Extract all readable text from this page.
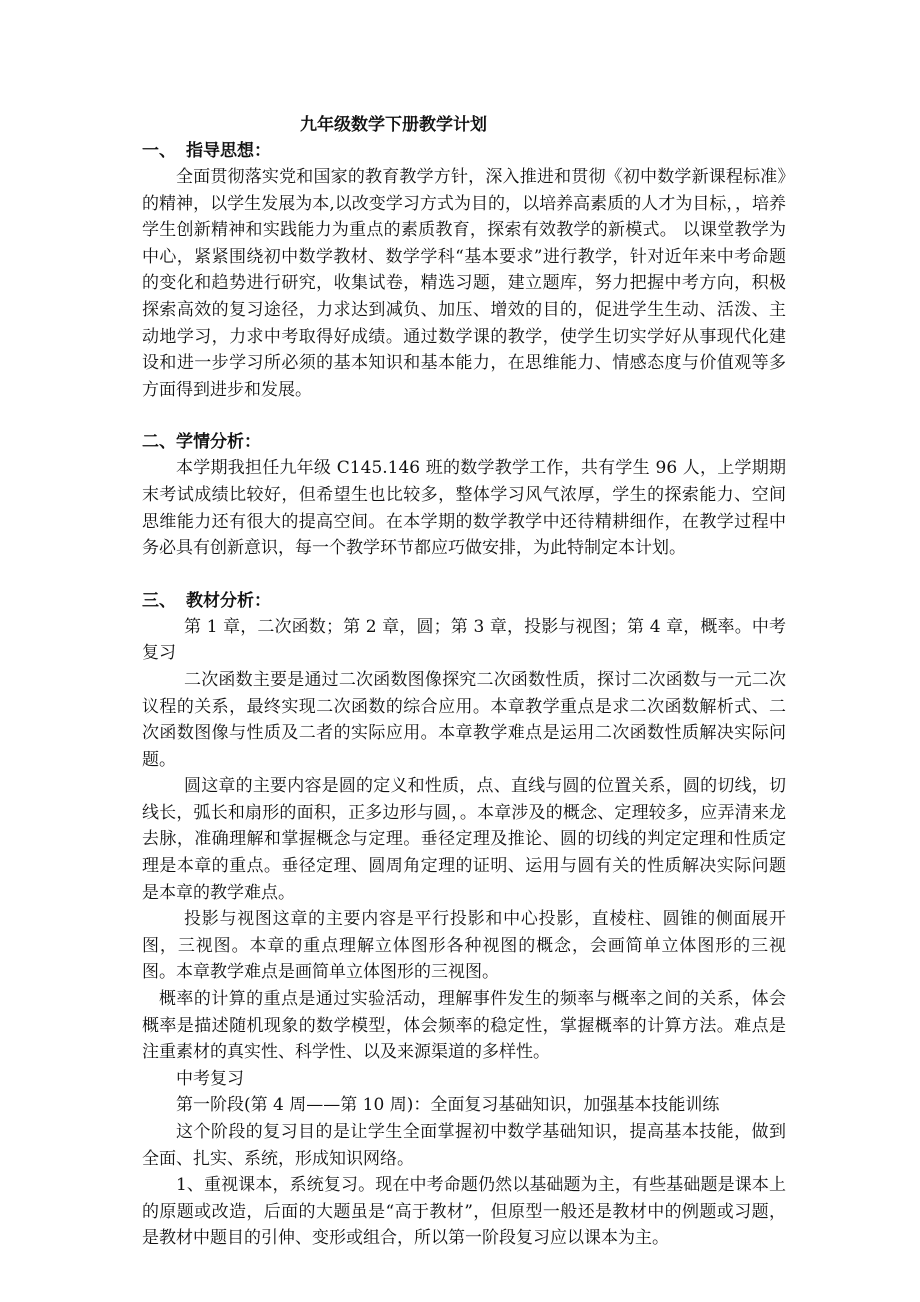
九年级数学下册教学计划

一、 指导思想：

全面贯彻落实党和国家的教育教学方针，深入推进和贯彻《初中数学新课程标准》的精神，以学生发展为本,以改变学习方式为目的，以培养高素质的人才为目标，，培养学生创新精神和实践能力为重点的素质教育，探索有效教学的新模式。 以课堂教学为中心，紧紧围绕初中数学教材、数学学科“基本要求”进行教学，针对近年来中考命题的变化和趋势进行研究，收集试卷，精选习题，建立题库，努力把握中考方向，积极探索高效的复习途径，力求达到减负、加压、增效的目的，促进学生生动、活泼、主动地学习，力求中考取得好成绩。通过数学课的教学，使学生切实学好从事现代化建设和进一步学习所必须的基本知识和基本能力，在思维能力、情感态度与价值观等多方面得到进步和发展。

二、学情分析：

本学期我担任九年级 C145.146 班的数学教学工作，共有学生 96 人，上学期期末考试成绩比较好，但希望生也比较多，整体学习风气浓厚，学生的探索能力、空间思维能力还有很大的提高空间。在本学期的数学教学中还待精耕细作，在教学过程中务必具有创新意识，每一个教学环节都应巧做安排，为此特制定本计划。

三、 教材分析：

第 1 章，二次函数；第 2 章，圆；第 3 章，投影与视图；第 4 章，概率。中考复习

二次函数主要是通过二次函数图像探究二次函数性质，探讨二次函数与一元二次议程的关系，最终实现二次函数的综合应用。本章教学重点是求二次函数解析式、二次函数图像与性质及二者的实际应用。本章教学难点是运用二次函数性质解决实际问题。

圆这章的主要内容是圆的定义和性质，点、直线与圆的位置关系，圆的切线，切线长，弧长和扇形的面积，正多边形与圆，。本章涉及的概念、定理较多，应弄清来龙去脉，准确理解和掌握概念与定理。垂径定理及推论、圆的切线的判定定理和性质定理是本章的重点。垂径定理、圆周角定理的证明、运用与圆有关的性质解决实际问题是本章的教学难点。

投影与视图这章的主要内容是平行投影和中心投影，直棱柱、圆锥的侧面展开图，三视图。本章的重点理解立体图形各种视图的概念，会画简单立体图形的三视图。本章教学难点是画简单立体图形的三视图。

概率的计算的重点是通过实验活动，理解事件发生的频率与概率之间的关系，体会概率是描述随机现象的数学模型，体会频率的稳定性，掌握概率的计算方法。难点是注重素材的真实性、科学性、以及来源渠道的多样性。

中考复习

第一阶段(第 4 周——第 10 周)：全面复习基础知识，加强基本技能训练

这个阶段的复习目的是让学生全面掌握初中数学基础知识，提高基本技能，做到全面、扎实、系统，形成知识网络。

1、重视课本，系统复习。现在中考命题仍然以基础题为主，有些基础题是课本上的原题或改造，后面的大题虽是“高于教材”，但原型一般还是教材中的例题或习题，是教材中题目的引伸、变形或组合，所以第一阶段复习应以课本为主。
